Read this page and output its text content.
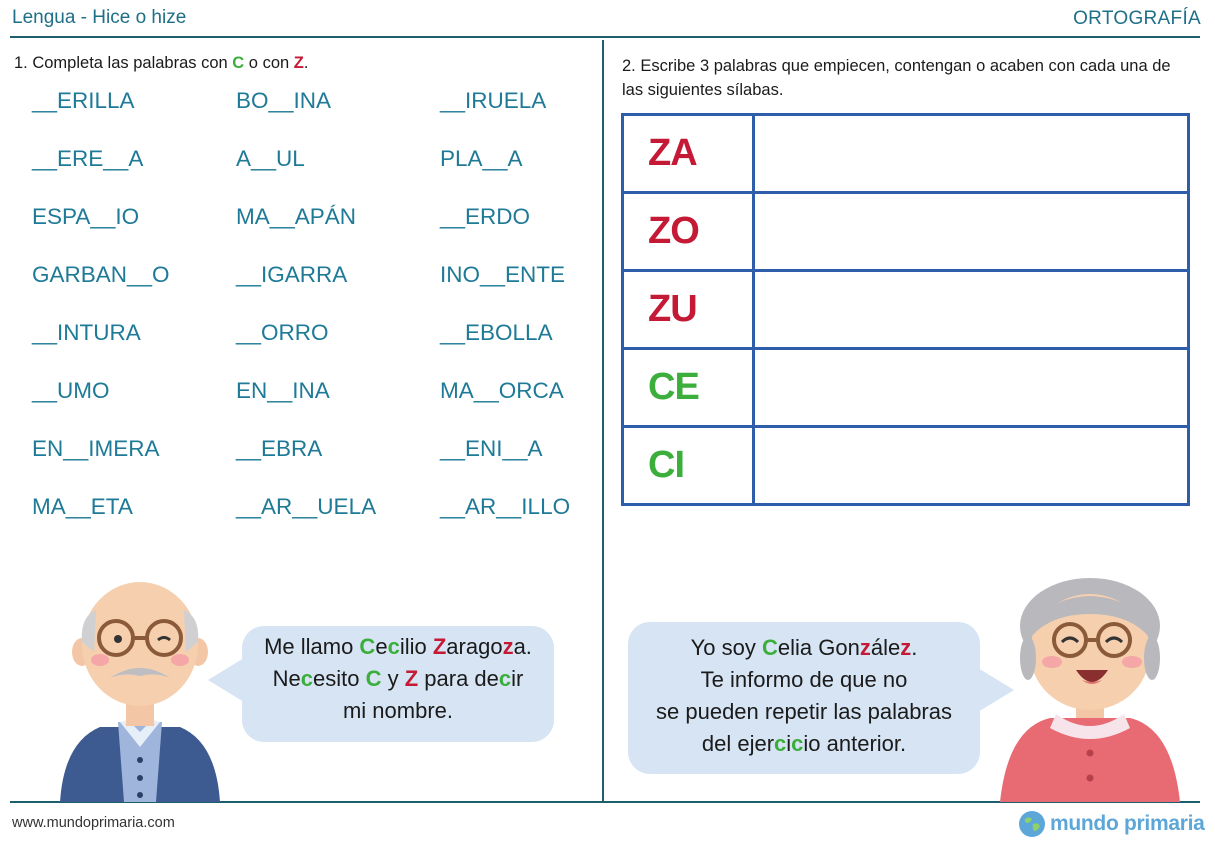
Lengua - Hice o hize	ORTOGRAFÍA
1. Completa las palabras con C o con Z.
__ERILLA	BO__INA	__IRUELA
__ERE__A	A__UL	PLA__A
ESPA__IO	MA__APÁN	__ERDO
GARBAN__O	__IGARRA	INO__ENTE
__INTURA	__ORRO	__EBOLLA
__UMO	EN__INA	MA__ORCA
EN__IMERA	__EBRA	__ENI__A
MA__ETA	__AR__UELA	__AR__ILLO
2. Escribe 3 palabras que empiecen, contengan o acaben con cada una de las siguientes sílabas.
ZA
ZO
ZU
CE
CI
Me llamo Cecilio Zaragoza.
Necesito C y Z para decir
mi nombre.
Yo soy Celia González.
Te informo de que no
se pueden repetir las palabras
del ejercicio anterior.
www.mundoprimaria.com	mundo primaria
